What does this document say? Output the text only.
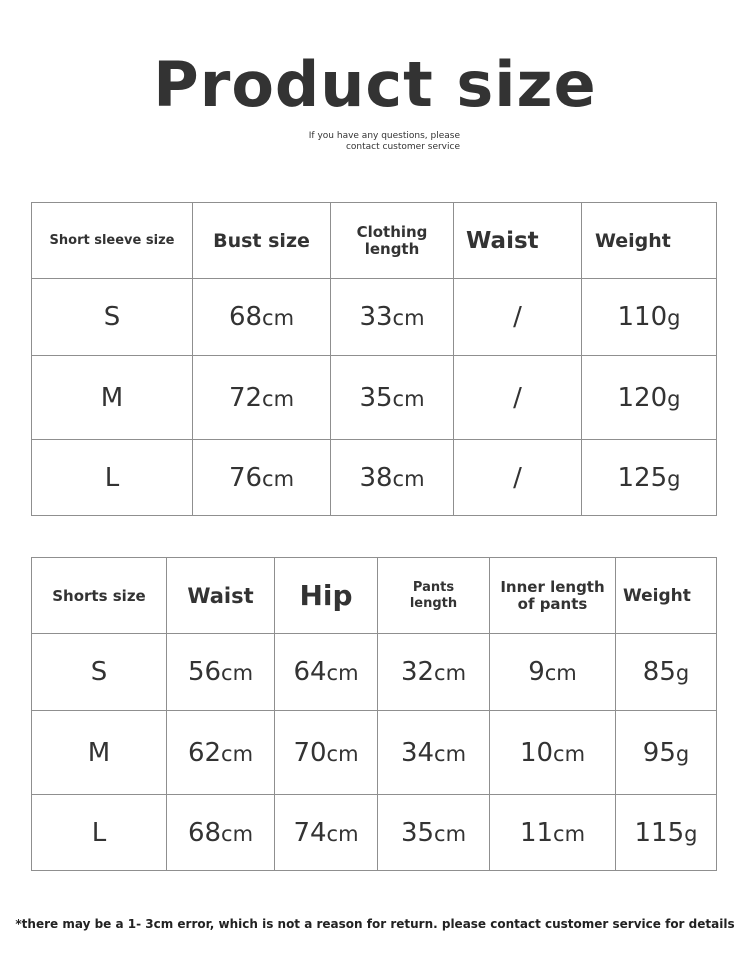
Product size
If you have any questions, please
contact customer service
Short sleeve size	Bust size	Clothing length	Waist	Weight
S	68cm	33cm	/	110g
M	72cm	35cm	/	120g
L	76cm	38cm	/	125g
Shorts size	Waist	Hip	Pants length	Inner length of pants	Weight
S	56cm	64cm	32cm	9cm	85g
M	62cm	70cm	34cm	10cm	95g
L	68cm	74cm	35cm	11cm	115g
*there may be a 1- 3cm error, which is not a reason for return. please contact customer service for details
